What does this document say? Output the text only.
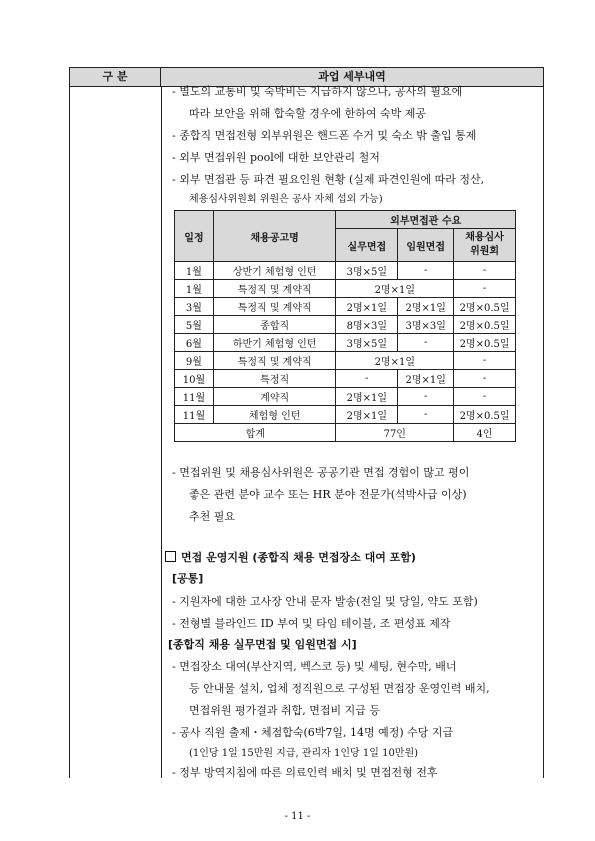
구 분	과업 세부내역
- 별도의 교통비 및 숙박비는 지급하지 않으나, 공사의 필요에
따라 보안을 위해 합숙할 경우에 한하여 숙박 제공
- 종합직 면접전형 외부위원은 핸드폰 수거 및 숙소 밖 출입 통제
- 외부 면접위원 pool에 대한 보안관리 철저
- 외부 면접관 등 파견 필요인원 현황 (실제 파견인원에 따라 정산,
체용심사위원회 위원은 공사 자체 섭외 가능)
일정	채용공고명	외부면접관 수요		
		실무면접	임원면접	채용심사
위원회
1월	상반기 체험형 인턴	3명×5일	-	-
1월	특정직 및 계약직	2명×1일		-
3월	특정직 및 계약직	2명×1일	2명×1일	2명×0.5일
5월	종합직	8명×3일	3명×3일	2명×0.5일
6월	하반기 체험형 인턴	3명×5일	-	2명×0.5일
9월	특정직 및 계약직	2명×1일		-
10월	특정직	-	2명×1일	-
11월	계약직	2명×1일	-	-
11월	체험형 인턴	2명×1일	-	2명×0.5일
합계		77인		4인
- 면접위원 및 채용심사위원은 공공기관 면접 경험이 많고 평이
좋은 관련 분야 교수 또는 HR 분야 전문가(석박사급 이상)
추천 필요
면접 운영지원 (종합직 채용 면접장소 대여 포함)
[공통]
- 지원자에 대한 고사장 안내 문자 발송(전일 및 당일, 약도 포함)
- 전형별 블라인드 ID 부여 및 타임 테이블, 조 편성표 제작
[종합직 채용 실무면접 및 임원면접 시]
- 면접장소 대여(부산지역, 벡스코 등) 및 세팅, 현수막, 배너
등 안내물 설치, 업체 정직원으로 구성된 면접장 운영인력 배치,
면접위원 평가결과 취합, 면접비 지급 등
- 공사 직원 출제・체점합숙(6박7일, 14명 예정) 수당 지급
(1인당 1일 15만원 지급, 관리자 1인당 1일 10만원)
- 정부 방역지침에 따른 의료인력 배치 및 면접전형 전후
- 11 -
